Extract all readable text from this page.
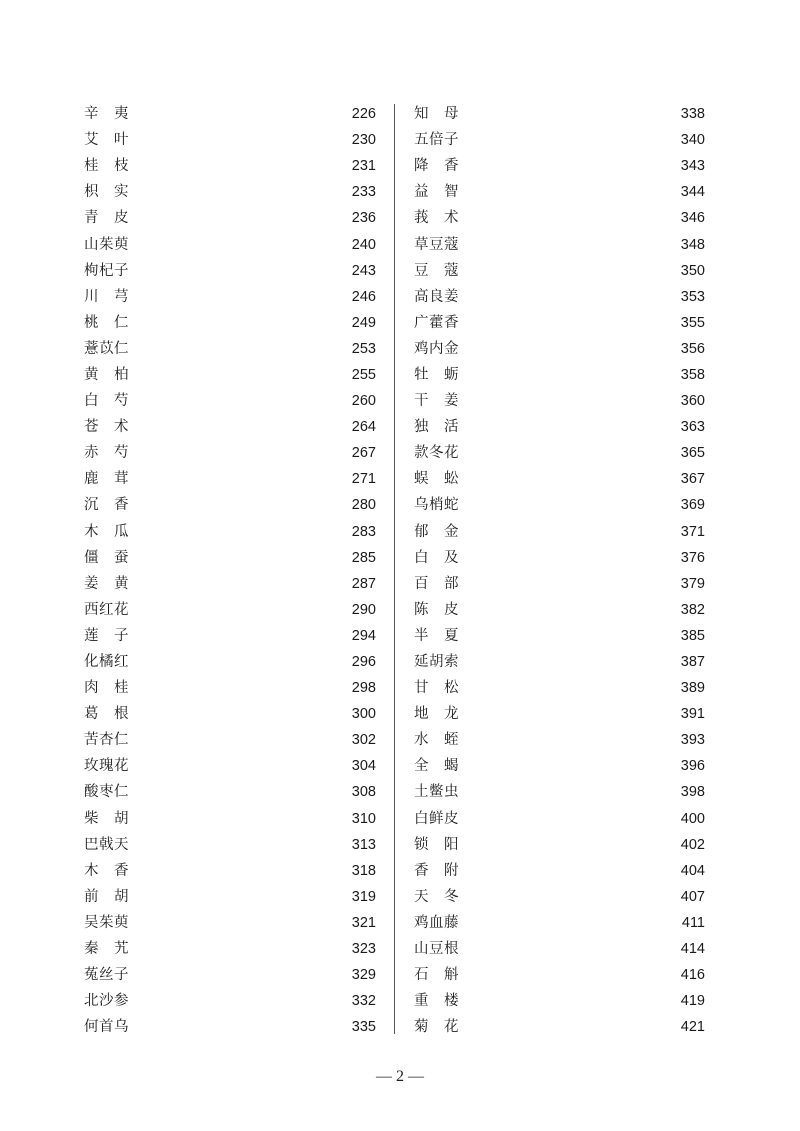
辛　夷	226
艾　叶	230
桂　枝	231
枳　实	233
青　皮	236
山茱萸	240
枸杞子	243
川　芎	246
桃　仁	249
薏苡仁	253
黄　柏	255
白　芍	260
苍　术	264
赤　芍	267
鹿　茸	271
沉　香	280
木　瓜	283
僵　蚕	285
姜　黄	287
西红花	290
莲　子	294
化橘红	296
肉　桂	298
葛　根	300
苦杏仁	302
玫瑰花	304
酸枣仁	308
柴　胡	310
巴戟天	313
木　香	318
前　胡	319
吴茱萸	321
秦　艽	323
菟丝子	329
北沙参	332
何首乌	335
知　母	338
五倍子	340
降　香	343
益　智	344
莪　术	346
草豆蔻	348
豆　蔻	350
高良姜	353
广藿香	355
鸡内金	356
牡　蛎	358
干　姜	360
独　活	363
款冬花	365
蜈　蚣	367
乌梢蛇	369
郁　金	371
白　及	376
百　部	379
陈　皮	382
半　夏	385
延胡索	387
甘　松	389
地　龙	391
水　蛭	393
全　蝎	396
土鳖虫	398
白鲜皮	400
锁　阳	402
香　附	404
天　冬	407
鸡血藤	411
山豆根	414
石　斛	416
重　楼	419
菊　花	421
— 2 —
